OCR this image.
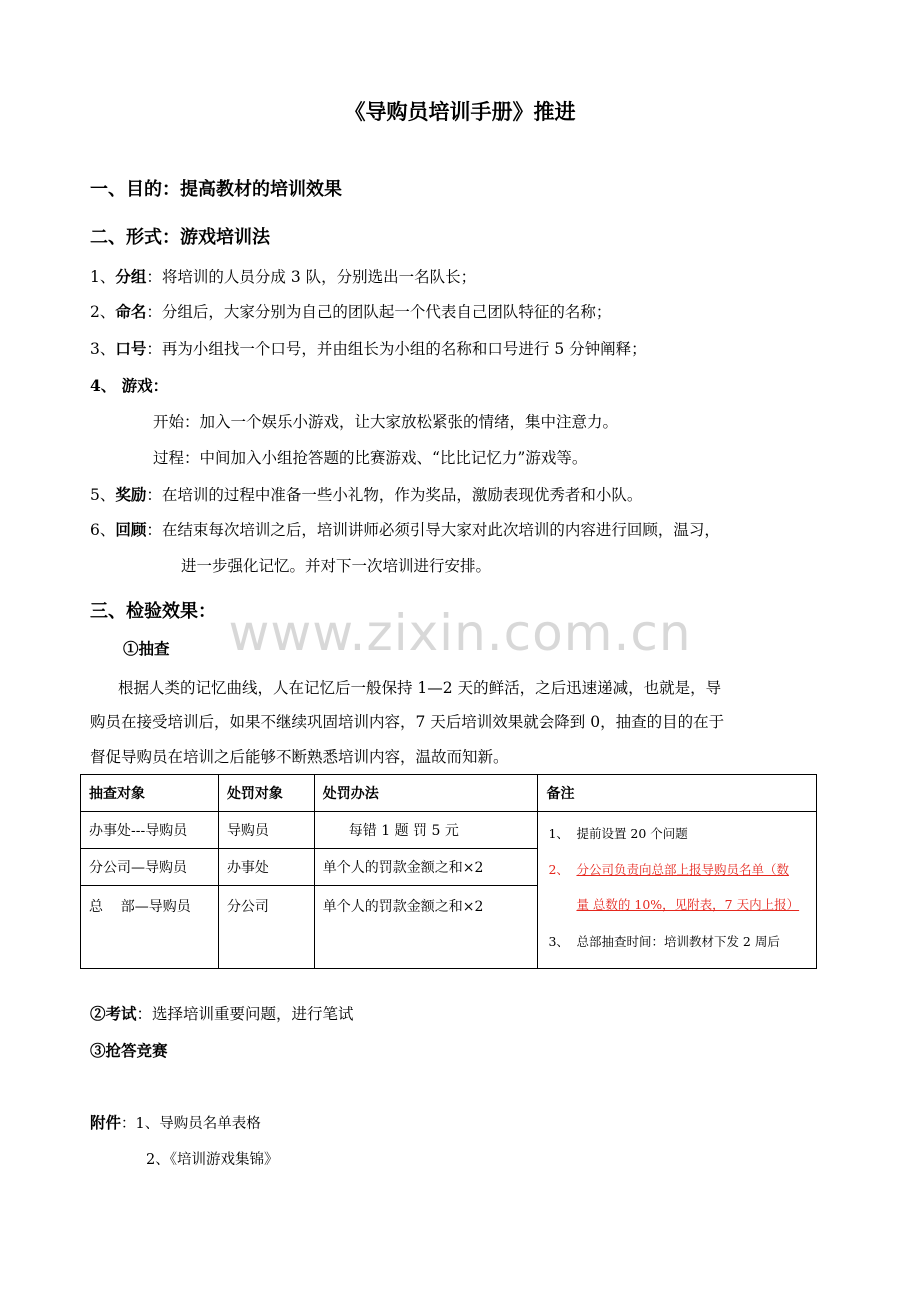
《导购员培训手册》推进
一、目的：提高教材的培训效果
二、形式：游戏培训法
1、分组：将培训的人员分成 3 队，分别选出一名队长；
2、命名：分组后，大家分别为自己的团队起一个代表自己团队特征的名称；
3、口号：再为小组找一个口号，并由组长为小组的名称和口号进行 5 分钟阐释；
4、 游戏：
开始：加入一个娱乐小游戏，让大家放松紧张的情绪，集中注意力。
过程：中间加入小组抢答题的比赛游戏、“比比记忆力”游戏等。
5、奖励：在培训的过程中准备一些小礼物，作为奖品，激励表现优秀者和小队。
6、回顾：在结束每次培训之后，培训讲师必须引导大家对此次培训的内容进行回顾，温习，
进一步强化记忆。并对下一次培训进行安排。
三、检验效果： www.zixin.com.cn
①抽查
根据人类的记忆曲线，人在记忆后一般保持 1—2 天的鲜活，之后迅速递减，也就是，导
购员在接受培训后，如果不继续巩固培训内容，7 天后培训效果就会降到 0，抽查的目的在于
督促导购员在培训之后能够不断熟悉培训内容，温故而知新。
抽查对象	处罚对象	处罚办法	备注
办事处---导购员	导购员	每错 1 题 罚 5 元	1、 提前设置 20 个问题
2、 分公司负责向总部上报导购员名单（数
量 总数的 10%，见附表，7 天内上报）
3、 总部抽查时间：培训教材下发 2 周后

分公司—导购员	办事处	单个人的罚款金额之和×2	
总    部—导购员	分公司	单个人的罚款金额之和×2	
②考试：选择培训重要问题，进行笔试
③抢答竞赛
附件：1、导购员名单表格
2、《培训游戏集锦》
